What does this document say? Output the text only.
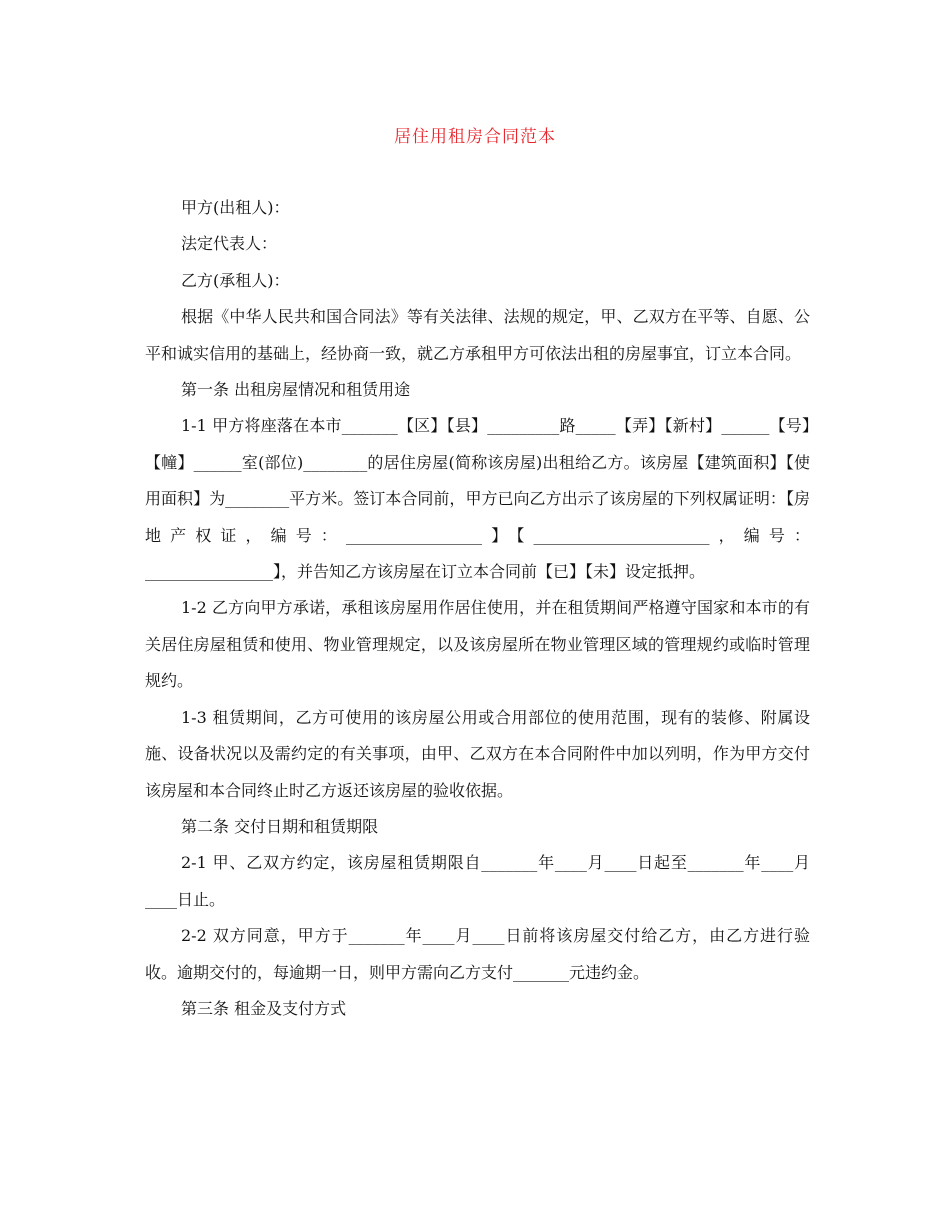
居住用租房合同范本

甲方(出租人)：

法定代表人：

乙方(承租人)：

根据《中华人民共和国合同法》等有关法律、法规的规定，甲、乙双方在平等、自愿、公平和诚实信用的基础上，经协商一致，就乙方承租甲方可依法出租的房屋事宜，订立本合同。

第一条 出租房屋情况和租赁用途

1-1 甲方将座落在本市_______【区】【县】_________路_____【弄】【新村】______【号】【幢】______室(部位)________的居住房屋(简称该房屋)出租给乙方。该房屋【建筑面积】【使用面积】为________平方米。签订本合同前，甲方已向乙方出示了该房屋的下列权属证明：【房地产权证，编号：_________________】【______________________，编号：________________】，并告知乙方该房屋在订立本合同前【已】【未】设定抵押。

1-2 乙方向甲方承诺，承租该房屋用作居住使用，并在租赁期间严格遵守国家和本市的有关居住房屋租赁和使用、物业管理规定，以及该房屋所在物业管理区域的管理规约或临时管理规约。

1-3 租赁期间，乙方可使用的该房屋公用或合用部位的使用范围，现有的装修、附属设施、设备状况以及需约定的有关事项，由甲、乙双方在本合同附件中加以列明，作为甲方交付该房屋和本合同终止时乙方返还该房屋的验收依据。

第二条 交付日期和租赁期限

2-1 甲、乙双方约定，该房屋租赁期限自_______年____月____日起至_______年____月____日止。

2-2 双方同意，甲方于_______年____月____日前将该房屋交付给乙方，由乙方进行验收。逾期交付的，每逾期一日，则甲方需向乙方支付_______元违约金。

第三条 租金及支付方式
